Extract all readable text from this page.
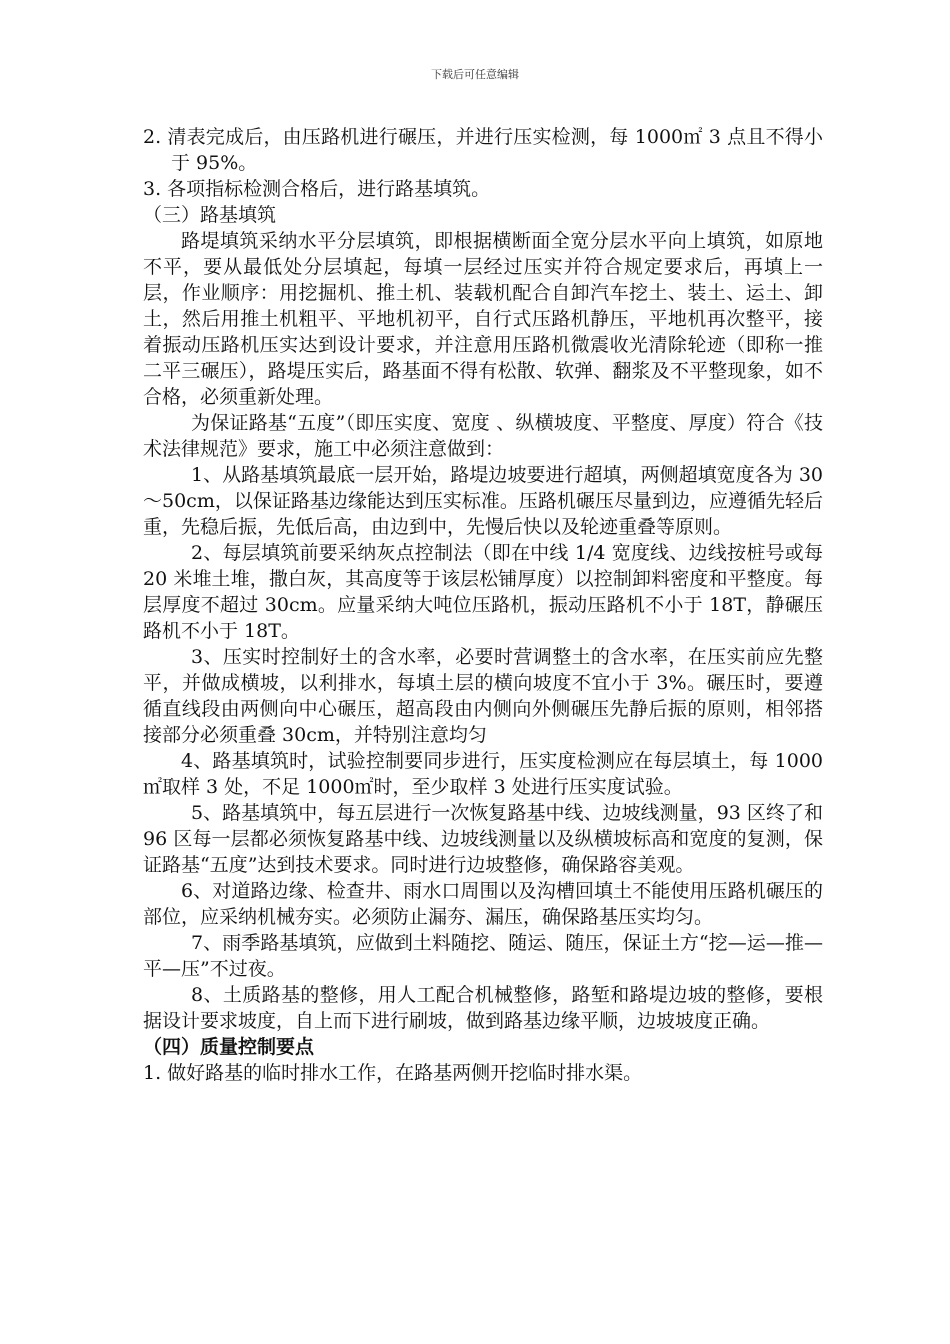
下载后可任意编辑

2. 清表完成后，由压路机进行碾压，并进行压实检测，每 1000㎡ 3 点且不得小于 95%。

3. 各项指标检测合格后，进行路基填筑。

（三）路基填筑

路堤填筑采纳水平分层填筑，即根据横断面全宽分层水平向上填筑，如原地不平，要从最低处分层填起，每填一层经过压实并符合规定要求后，再填上一层，作业顺序：用挖掘机、推土机、装载机配合自卸汽车挖土、装土、运土、卸土，然后用推土机粗平、平地机初平，自行式压路机静压，平地机再次整平，接着振动压路机压实达到设计要求，并注意用压路机微震收光清除轮迹（即称一推二平三碾压），路堤压实后，路基面不得有松散、软弹、翻浆及不平整现象，如不合格，必须重新处理。

为保证路基“五度”（即压实度、宽度 、纵横坡度、平整度、厚度）符合《技术法律规范》要求，施工中必须注意做到：

1、从路基填筑最底一层开始，路堤边坡要进行超填，两侧超填宽度各为 30～50cm，以保证路基边缘能达到压实标准。压路机碾压尽量到边，应遵循先轻后重，先稳后振，先低后高，由边到中，先慢后快以及轮迹重叠等原则。

2、每层填筑前要采纳灰点控制法（即在中线 1/4 宽度线、边线按桩号或每 20 米堆土堆，撒白灰，其高度等于该层松铺厚度）以控制卸料密度和平整度。每层厚度不超过 30cm。应量采纳大吨位压路机，振动压路机不小于 18T，静碾压路机不小于 18T。

3、压实时控制好土的含水率，必要时营调整土的含水率，在压实前应先整平，并做成横坡，以利排水，每填土层的横向坡度不宜小于 3%。碾压时，要遵循直线段由两侧向中心碾压，超高段由内侧向外侧碾压先静后振的原则，相邻搭接部分必须重叠 30cm，并特别注意均匀

4、路基填筑时，试验控制要同步进行，压实度检测应在每层填土，每 1000㎡取样 3 处，不足 1000㎡时，至少取样 3 处进行压实度试验。

5、路基填筑中，每五层进行一次恢复路基中线、边坡线测量，93 区终了和 96 区每一层都必须恢复路基中线、边坡线测量以及纵横坡标高和宽度的复测，保证路基“五度”达到技术要求。同时进行边坡整修，确保路容美观。

6、对道路边缘、检查井、雨水口周围以及沟槽回填土不能使用压路机碾压的部位，应采纳机械夯实。必须防止漏夯、漏压，确保路基压实均匀。

7、雨季路基填筑，应做到土料随挖、随运、随压，保证土方“挖—运—推—平—压”不过夜。

8、土质路基的整修，用人工配合机械整修，路堑和路堤边坡的整修，要根据设计要求坡度，自上而下进行刷坡，做到路基边缘平顺，边坡坡度正确。

（四）质量控制要点

1. 做好路基的临时排水工作，在路基两侧开挖临时排水渠。
